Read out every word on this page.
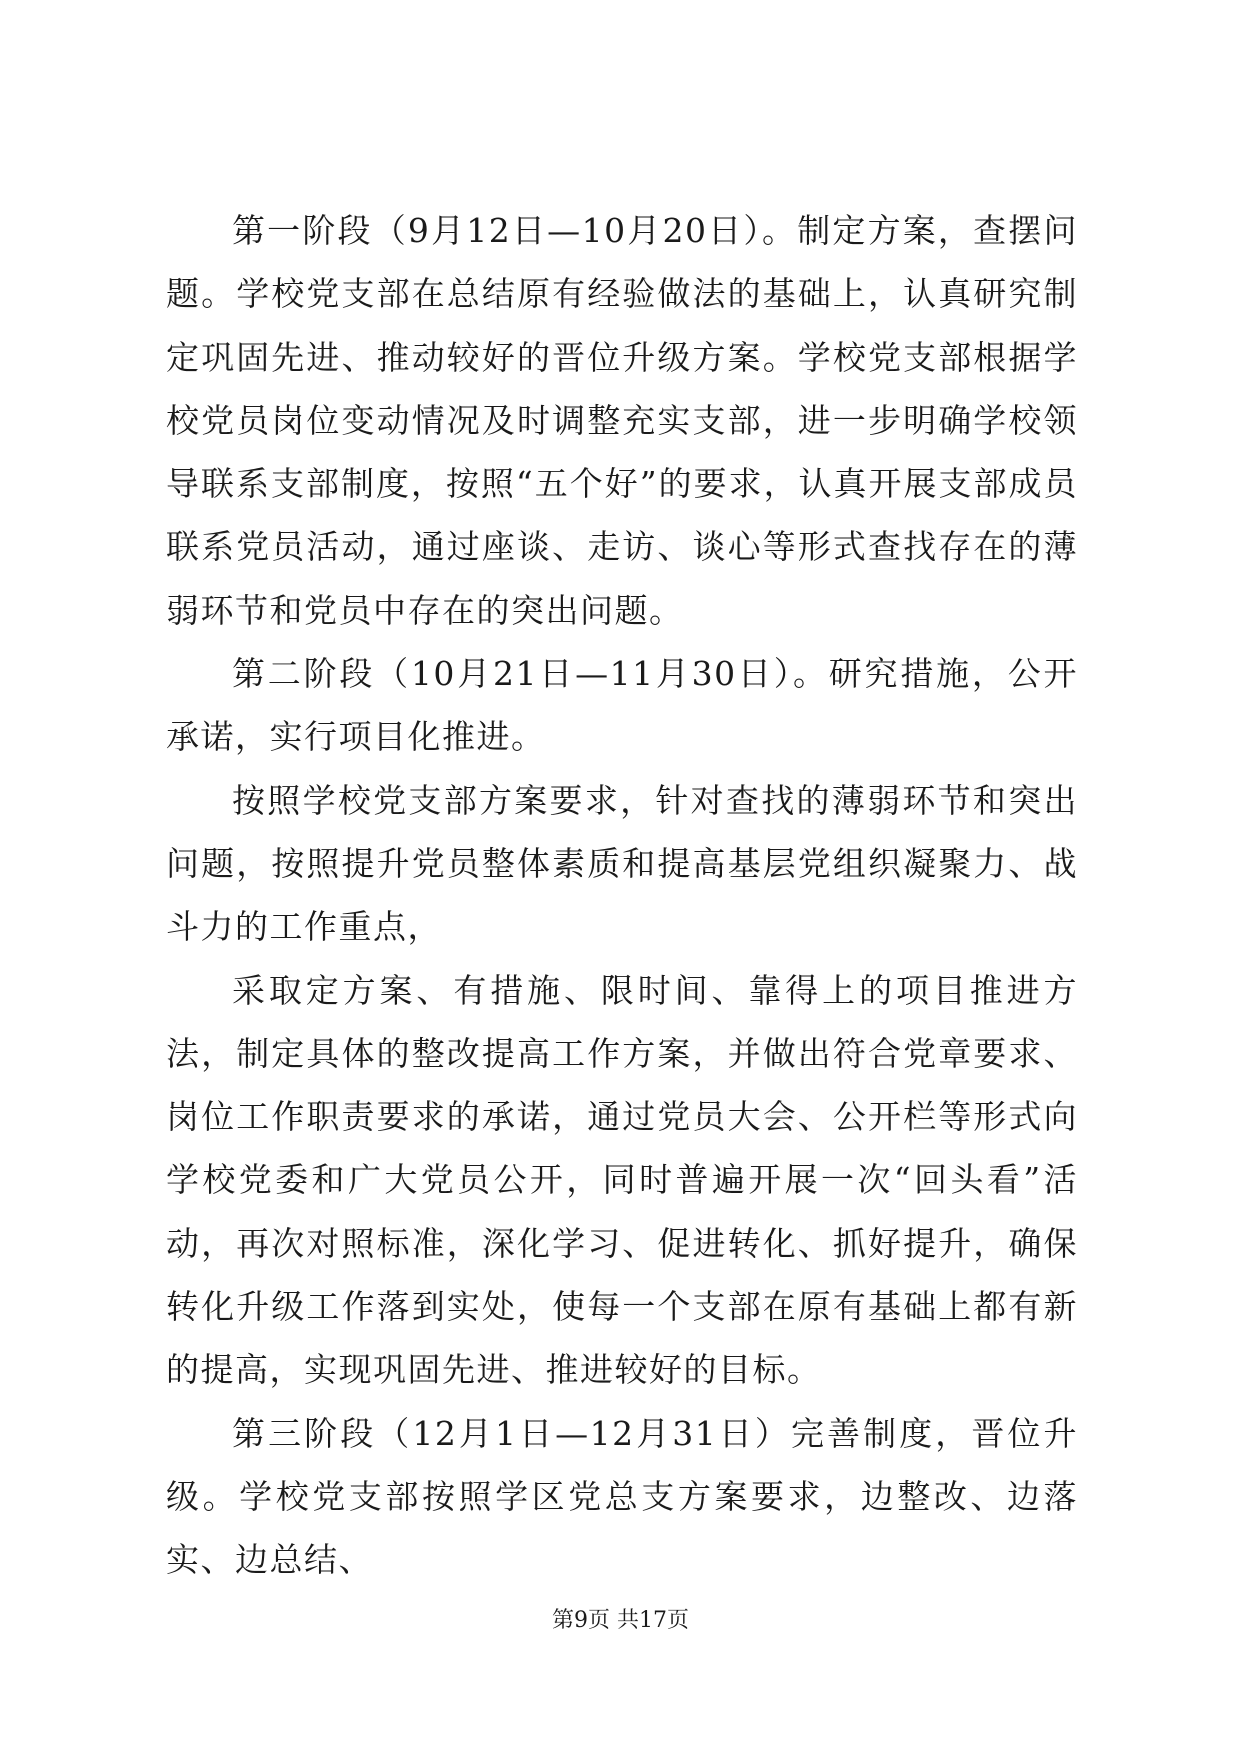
第一阶段（9月12日—10月20日）。制定方案，查摆问题。学校党支部在总结原有经验做法的基础上，认真研究制定巩固先进、推动较好的晋位升级方案。学校党支部根据学校党员岗位变动情况及时调整充实支部，进一步明确学校领导联系支部制度，按照“五个好”的要求，认真开展支部成员联系党员活动，通过座谈、走访、谈心等形式查找存在的薄弱环节和党员中存在的突出问题。

第二阶段（10月21日—11月30日）。研究措施，公开承诺，实行项目化推进。

按照学校党支部方案要求，针对查找的薄弱环节和突出问题，按照提升党员整体素质和提高基层党组织凝聚力、战斗力的工作重点，

采取定方案、有措施、限时间、靠得上的项目推进方法，制定具体的整改提高工作方案，并做出符合党章要求、岗位工作职责要求的承诺，通过党员大会、公开栏等形式向学校党委和广大党员公开，同时普遍开展一次“回头看”活动，再次对照标准，深化学习、促进转化、抓好提升，确保转化升级工作落到实处，使每一个支部在原有基础上都有新的提高，实现巩固先进、推进较好的目标。

第三阶段（12月1日—12月31日）完善制度，晋位升级。学校党支部按照学区党总支方案要求，边整改、边落实、边总结、

第9页 共17页
